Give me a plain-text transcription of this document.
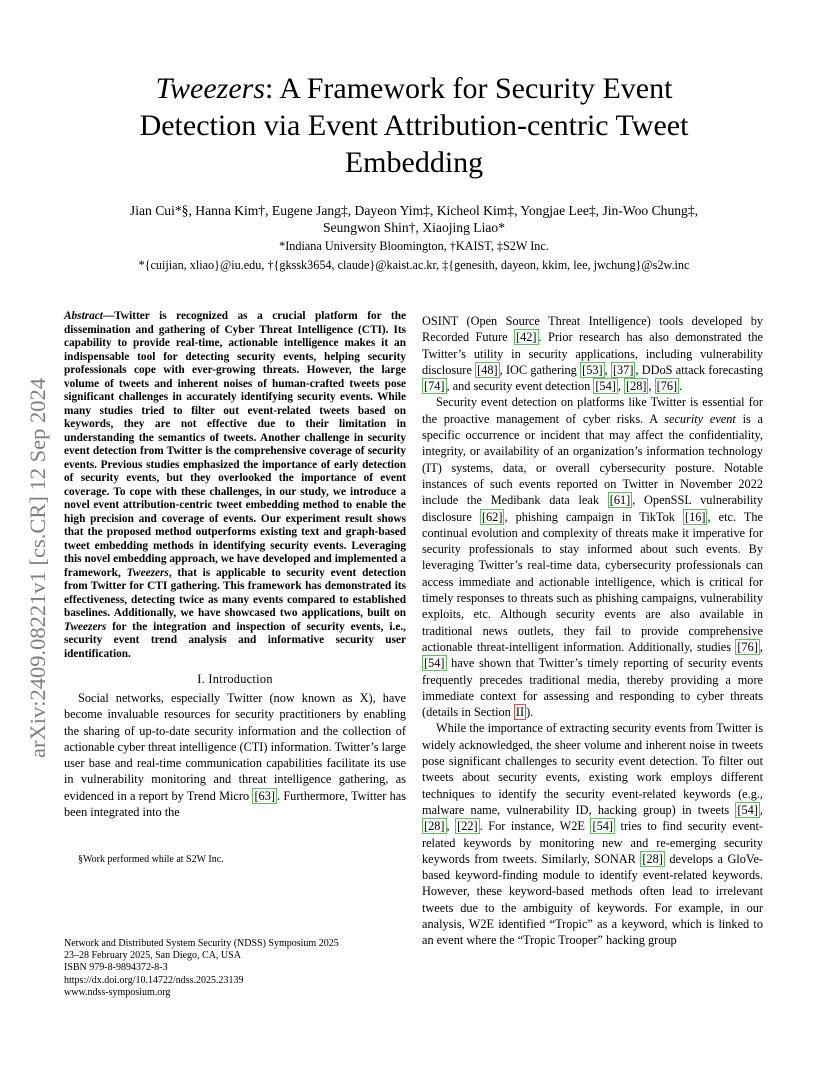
Tweezers: A Framework for Security Event
Detection via Event Attribution-centric Tweet
Embedding
Jian Cui*§, Hanna Kim†, Eugene Jang‡, Dayeon Yim‡, Kicheol Kim‡, Yongjae Lee‡, Jin-Woo Chung‡,
Seungwon Shin†, Xiaojing Liao*
*Indiana University Bloomington, †KAIST, ‡S2W Inc.
*{cuijian, xliao}@iu.edu, †{gkssk3654, claude}@kaist.ac.kr, ‡{genesith, dayeon, kkim, lee, jwchung}@s2w.inc
arXiv:2409.08221v1 [cs.CR] 12 Sep 2024

Abstract—Twitter is recognized as a crucial platform for the dissemination and gathering of Cyber Threat Intelligence (CTI). Its capability to provide real-time, actionable intelligence makes it an indispensable tool for detecting security events, helping security professionals cope with ever-growing threats. However, the large volume of tweets and inherent noises of human-crafted tweets pose significant challenges in accurately identifying security events. While many studies tried to filter out event-related tweets based on keywords, they are not effective due to their limitation in understanding the semantics of tweets. Another challenge in security event detection from Twitter is the comprehensive coverage of security events. Previous studies emphasized the importance of early detection of security events, but they overlooked the importance of event coverage. To cope with these challenges, in our study, we introduce a novel event attribution-centric tweet embedding method to enable the high precision and coverage of events. Our experiment result shows that the proposed method outperforms existing text and graph-based tweet embedding methods in identifying security events. Leveraging this novel embedding approach, we have developed and implemented a framework, Tweezers, that is applicable to security event detection from Twitter for CTI gathering. This framework has demonstrated its effectiveness, detecting twice as many events compared to established baselines. Additionally, we have showcased two applications, built on Tweezers for the integration and inspection of security events, i.e., security event trend analysis and informative security user identification.

I. Introduction

Social networks, especially Twitter (now known as X), have become invaluable resources for security practitioners by enabling the sharing of up-to-date security information and the collection of actionable cyber threat intelligence (CTI) information. Twitter’s large user base and real-time communication capabilities facilitate its use in vulnerability monitoring and threat intelligence gathering, as evidenced in a report by Trend Micro [63] . Furthermore, Twitter has been integrated into the

§Work performed while at S2W Inc.
Network and Distributed System Security (NDSS) Symposium 2025
23–28 February 2025, San Diego, CA, USA
ISBN 979-8-9894372-8-3
https://dx.doi.org/10.14722/ndss.2025.23139
www.ndss-symposium.org

OSINT (Open Source Threat Intelligence) tools developed by Recorded Future [42] . Prior research has also demonstrated the Twitter’s utility in security applications, including vulnerability disclosure [48] , IOC gathering [53] , [37] , DDoS attack forecasting [74] , and security event detection [54] , [28] , [76] .

Security event detection on platforms like Twitter is essential for the proactive management of cyber risks. A security event is a specific occurrence or incident that may affect the confidentiality, integrity, or availability of an organization’s information technology (IT) systems, data, or overall cybersecurity posture. Notable instances of such events reported on Twitter in November 2022 include the Medibank data leak [61] , OpenSSL vulnerability disclosure [62] , phishing campaign in TikTok [16] , etc. The continual evolution and complexity of threats make it imperative for security professionals to stay informed about such events. By leveraging Twitter’s real-time data, cybersecurity professionals can access immediate and actionable intelligence, which is critical for timely responses to threats such as phishing campaigns, vulnerability exploits, etc. Although security events are also available in traditional news outlets, they fail to provide comprehensive actionable threat-intelligent information. Additionally, studies [76] , [54] have shown that Twitter’s timely reporting of security events frequently precedes traditional media, thereby providing a more immediate context for assessing and responding to cyber threats (details in Section II ).

While the importance of extracting security events from Twitter is widely acknowledged, the sheer volume and inherent noise in tweets pose significant challenges to security event detection. To filter out tweets about security events, existing work employs different techniques to identify the security event-related keywords (e.g., malware name, vulnerability ID, hacking group) in tweets [54] , [28] , [22] . For instance, W2E [54] tries to find security event-related keywords by monitoring new and re-emerging security keywords from tweets. Similarly, SONAR [28] develops a GloVe-based keyword-finding module to identify event-related keywords. However, these keyword-based methods often lead to irrelevant tweets due to the ambiguity of keywords. For example, in our analysis, W2E identified “Tropic” as a keyword, which is linked to an event where the “Tropic Trooper” hacking group
